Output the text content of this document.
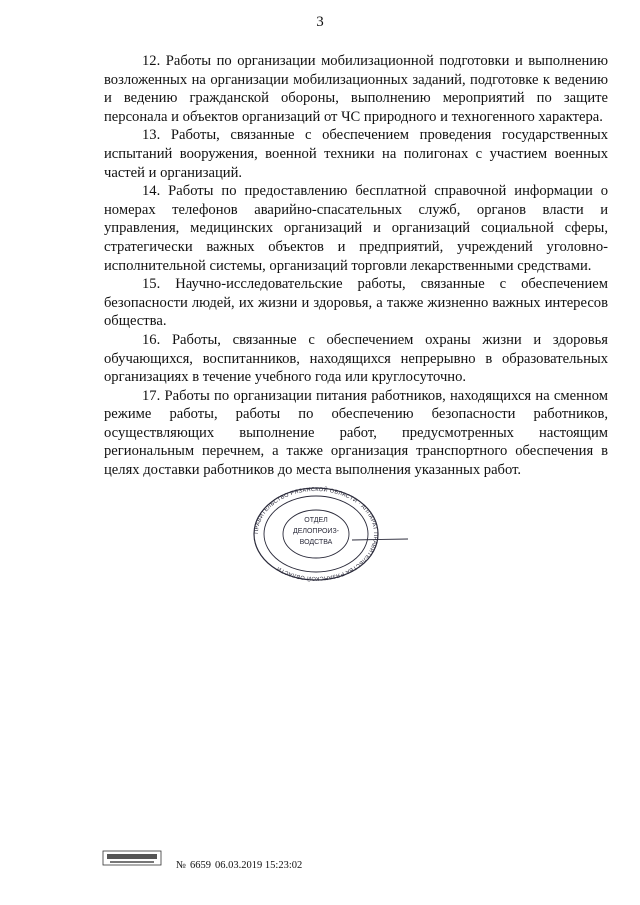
3

12. Работы по организации мобилизационной подготовки и выполнению возложенных на организации мобилизационных заданий, подготовке к ведению и ведению гражданской обороны, выполнению мероприятий по защите персонала и объектов организаций от ЧС природного и техногенного характера.

13. Работы, связанные с обеспечением проведения государственных испытаний вооружения, военной техники на полигонах с участием военных частей и организаций.

14. Работы по предоставлению бесплатной справочной информации о номерах телефонов аварийно-спасательных служб, органов власти и управления, медицинских организаций и организаций социальной сферы, стратегически важных объектов и предприятий, учреждений уголовно-исполнительной системы, организаций торговли лекарственными средствами.

15. Научно-исследовательские работы, связанные с обеспечением безопасности людей, их жизни и здоровья, а также жизненно важных интересов общества.

16. Работы, связанные с обеспечением охраны жизни и здоровья обучающихся, воспитанников, находящихся непрерывно в образовательных организациях в течение учебного года или круглосуточно.

17. Работы по организации питания работников, находящихся на сменном режиме работы, работы по обеспечению безопасности работников, осуществляющих выполнение работ, предусмотренных настоящим региональным перечнем, а также организация транспортного обеспечения в целях доставки работников до места выполнения указанных работ.

ПРАВИТЕЛЬСТВО РЯЗАНСКОЙ ОБЛАСТИ · АППАРАТ ПРАВИТЕЛЬСТВА РЯЗАНСКОЙ ОБЛАСТИ
ОТДЕЛ
ДЕЛОПРОИЗ-
ВОДСТВА
№ 6659 06.03.2019 15:23:02
